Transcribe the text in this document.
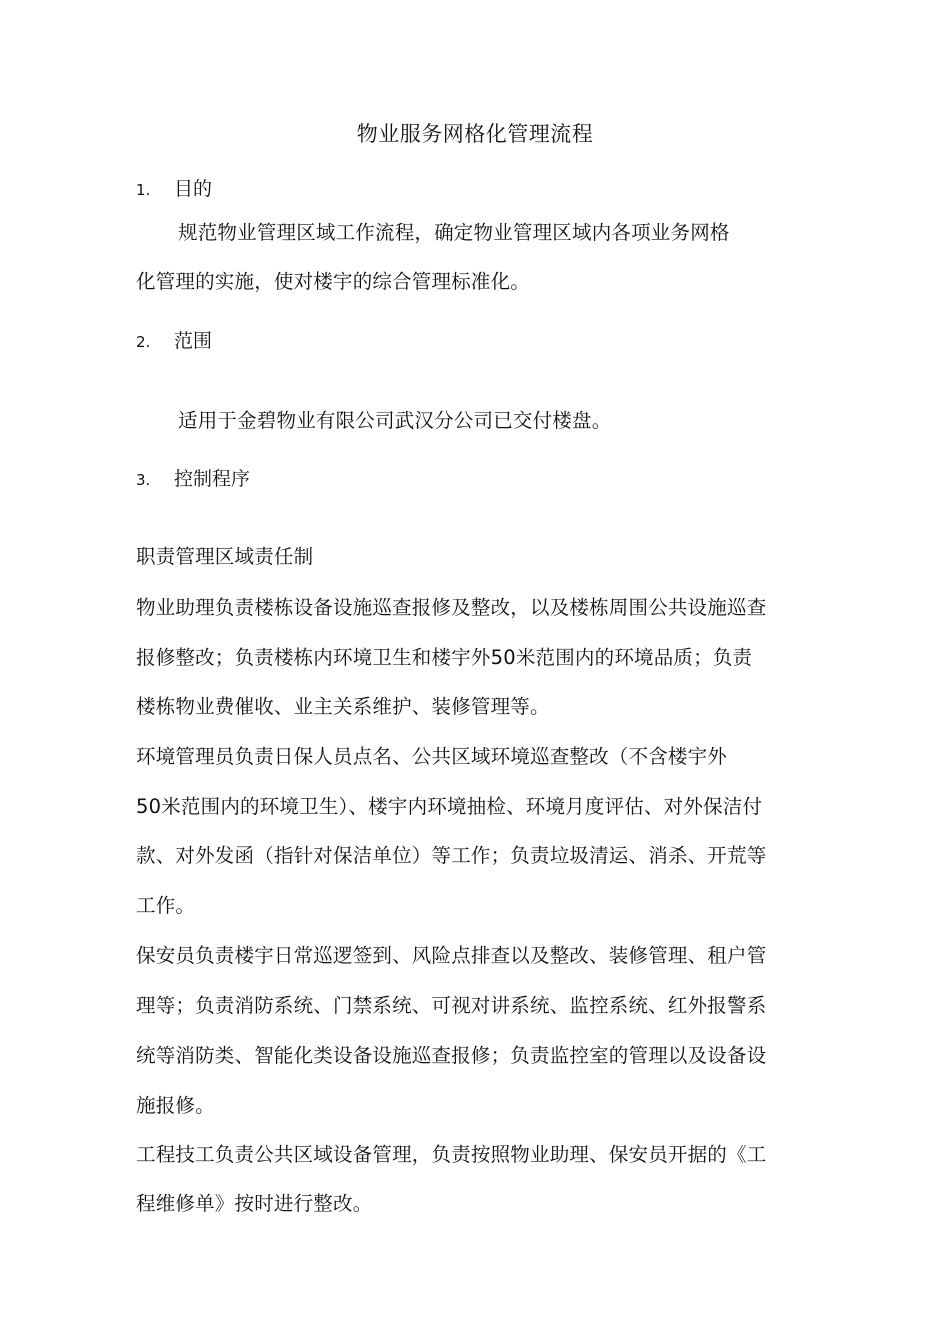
物业服务网格化管理流程
1.	目的
规范物业管理区域工作流程，确定物业管理区域内各项业务网格
化管理的实施，使对楼宇的综合管理标准化。
2.	范围
适用于金碧物业有限公司武汉分公司已交付楼盘。
3.	控制程序
职责管理区域责任制
物业助理负责楼栋设备设施巡查报修及整改，以及楼栋周围公共设施巡查
报修整改；负责楼栋内环境卫生和楼宇外50米范围内的环境品质；负责
楼栋物业费催收、业主关系维护、装修管理等。
环境管理员负责日保人员点名、公共区域环境巡查整改（不含楼宇外
50米范围内的环境卫生）、楼宇内环境抽检、环境月度评估、对外保洁付
款、对外发函（指针对保洁单位）等工作；负责垃圾清运、消杀、开荒等
工作。
保安员负责楼宇日常巡逻签到、风险点排查以及整改、装修管理、租户管
理等；负责消防系统、门禁系统、可视对讲系统、监控系统、红外报警系
统等消防类、智能化类设备设施巡查报修；负责监控室的管理以及设备设
施报修。
工程技工负责公共区域设备管理，负责按照物业助理、保安员开据的《工
程维修单》按时进行整改。
